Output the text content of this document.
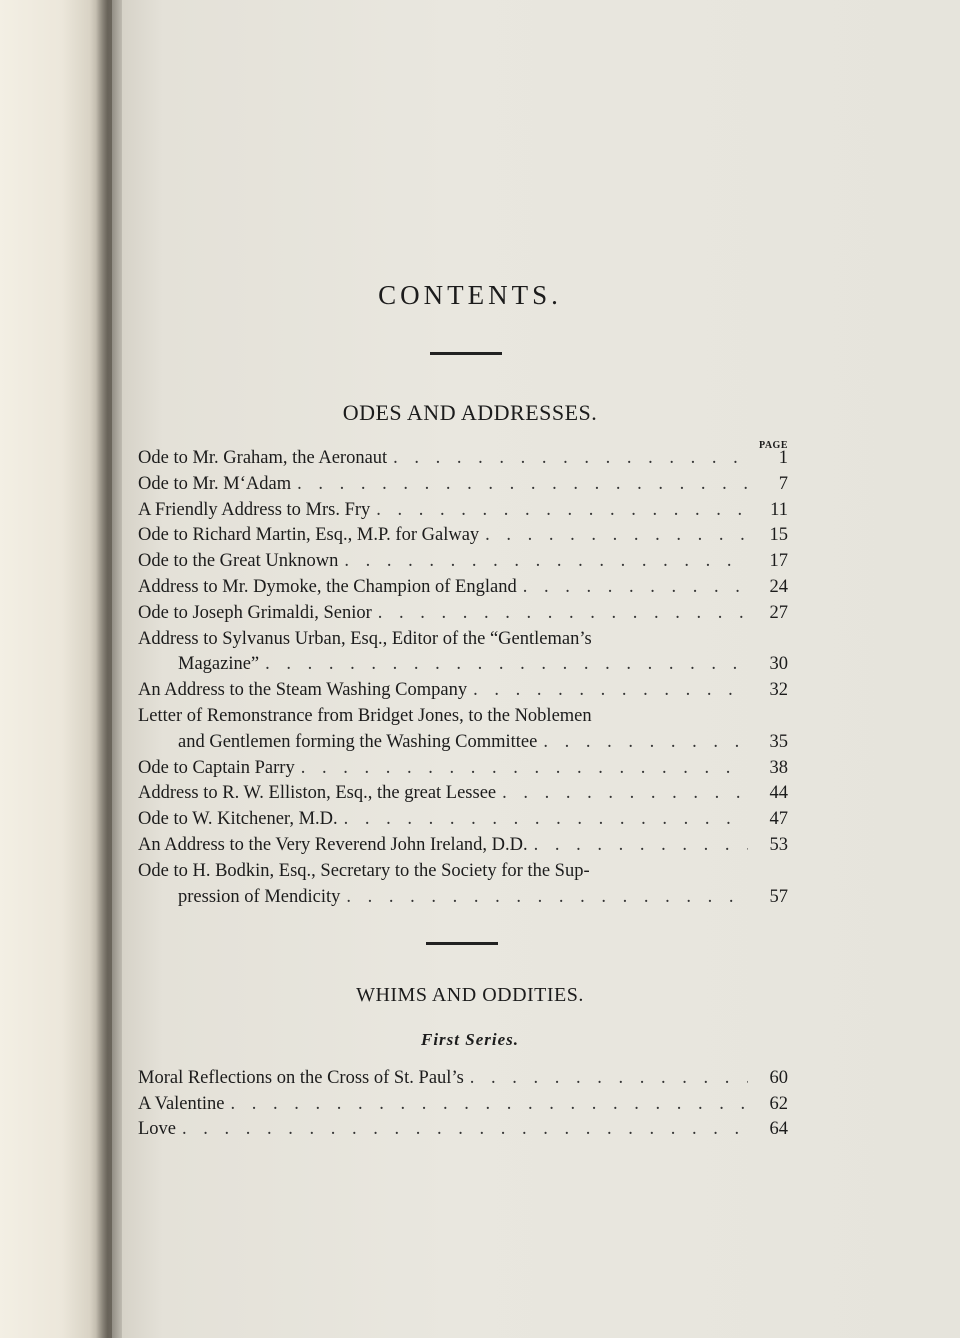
CONTENTS.
ODES AND ADDRESSES.
PAGE
Ode to Mr. Graham, the Aeronaut . . .	1
Ode to Mr. M‘Adam . . .	7
A Friendly Address to Mrs. Fry . . .	11
Ode to Richard Martin, Esq., M.P. for Galway . . .	15
Ode to the Great Unknown . . .	17
Address to Mr. Dymoke, the Champion of England . . .	24
Ode to Joseph Grimaldi, Senior . . .	27
Address to Sylvanus Urban, Esq., Editor of the “Gentleman’s
Magazine” . . .	30
An Address to the Steam Washing Company . . .	32
Letter of Remonstrance from Bridget Jones, to the Noblemen
and Gentlemen forming the Washing Committee . . .	35
Ode to Captain Parry . . .	38
Address to R. W. Elliston, Esq., the great Lessee . . .	44
Ode to W. Kitchener, M.D. . . .	47
An Address to the Very Reverend John Ireland, D.D. . . .	53
Ode to H. Bodkin, Esq., Secretary to the Society for the Sup-
pression of Mendicity . . .	57
WHIMS AND ODDITIES.
First Series.
Moral Reflections on the Cross of St. Paul’s . . .	60
A Valentine . . .	62
Love . . .	64
